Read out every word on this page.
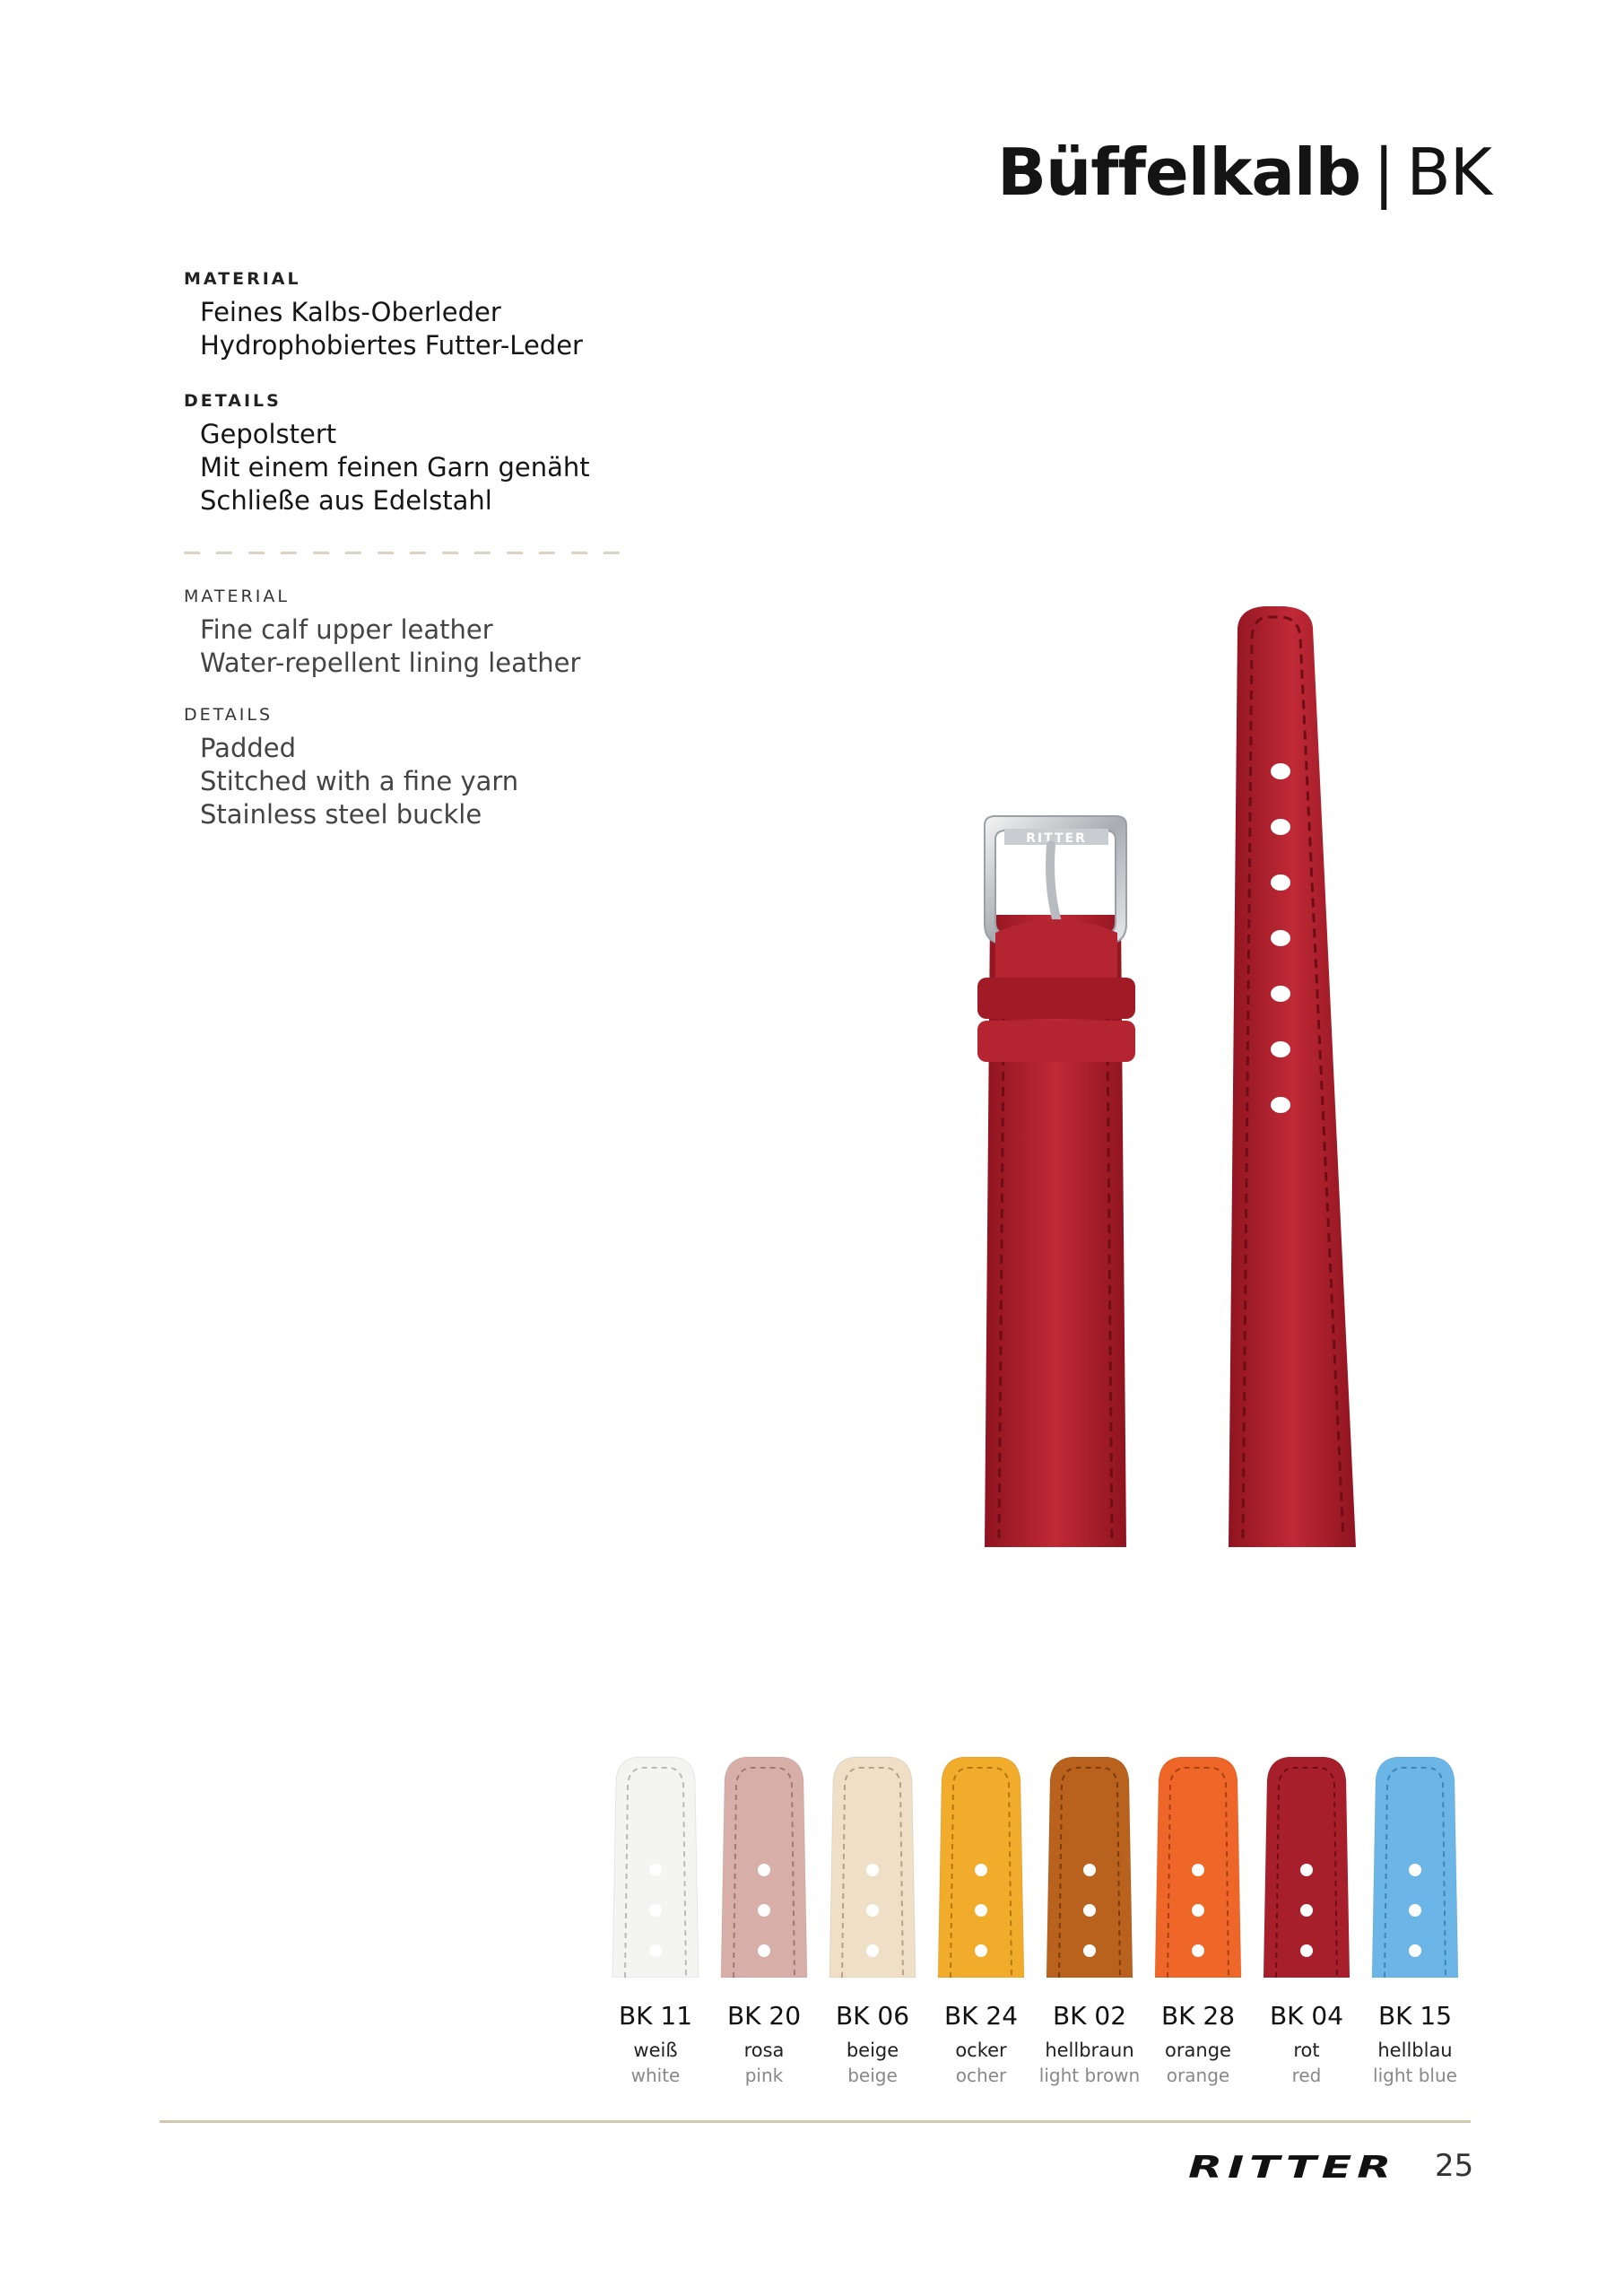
Büffelkalb | BK
MATERIAL
Feines Kalbs-Oberleder
Hydrophobiertes Futter-Leder
DETAILS
Gepolstert
Mit einem feinen Garn genäht
Schließe aus Edelstahl
MATERIAL
Fine calf upper leather
Water-repellent lining leather
DETAILS
Padded
Stitched with a fine yarn
Stainless steel buckle
RITTER
BK 11
weiß
white
BK 20
rosa
pink
BK 06
beige
beige
BK 24
ocker
ocher
BK 02
hellbraun
light brown
BK 28
orange
orange
BK 04
rot
red
BK 15
hellblau
light blue
RITTER 25
